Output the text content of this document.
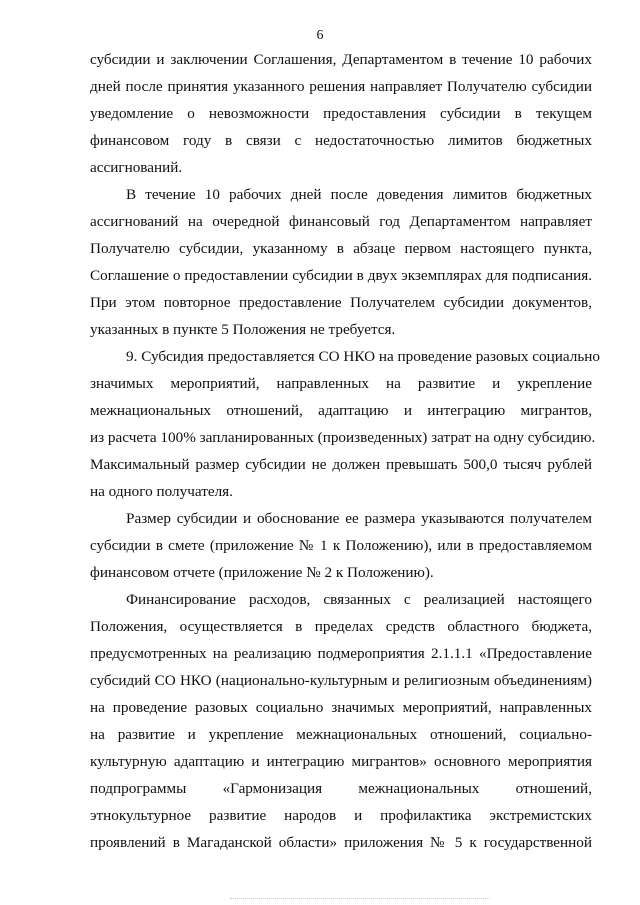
6
субсидии и заключении Соглашения, Департаментом в течение 10 рабочих
дней после принятия указанного решения направляет Получателю субсидии
уведомление о невозможности предоставления субсидии в текущем
финансовом году в связи с недостаточностью лимитов бюджетных
ассигнований.
В течение 10 рабочих дней после доведения лимитов бюджетных
ассигнований на очередной финансовый год Департаментом направляет
Получателю субсидии, указанному в абзаце первом настоящего пункта,
Соглашение о предоставлении субсидии в двух экземплярах для подписания.
При этом повторное предоставление Получателем субсидии документов,
указанных в пункте 5 Положения не требуется.
9. Субсидия предоставляется СО НКО на проведение разовых социально
значимых мероприятий, направленных на развитие и укрепление
межнациональных отношений, адаптацию и интеграцию мигрантов,
из расчета 100% запланированных (произведенных) затрат на одну субсидию.
Максимальный размер субсидии не должен превышать 500,0 тысяч рублей
на одного получателя.
Размер субсидии и обоснование ее размера указываются получателем
субсидии в смете (приложение № 1 к Положению), или в предоставляемом
финансовом отчете (приложение № 2 к Положению).
Финансирование расходов, связанных с реализацией настоящего
Положения, осуществляется в пределах средств областного бюджета,
предусмотренных на реализацию подмероприятия 2.1.1.1 «Предоставление
субсидий СО НКО (национально-культурным и религиозным объединениям)
на проведение разовых социально значимых мероприятий, направленных
на развитие и укрепление межнациональных отношений, социально-
культурную адаптацию и интеграцию мигрантов» основного мероприятия
подпрограммы «Гармонизация межнациональных отношений,
этнокультурное развитие народов и профилактика экстремистских
проявлений в Магаданской области» приложения № 5 к государственной
